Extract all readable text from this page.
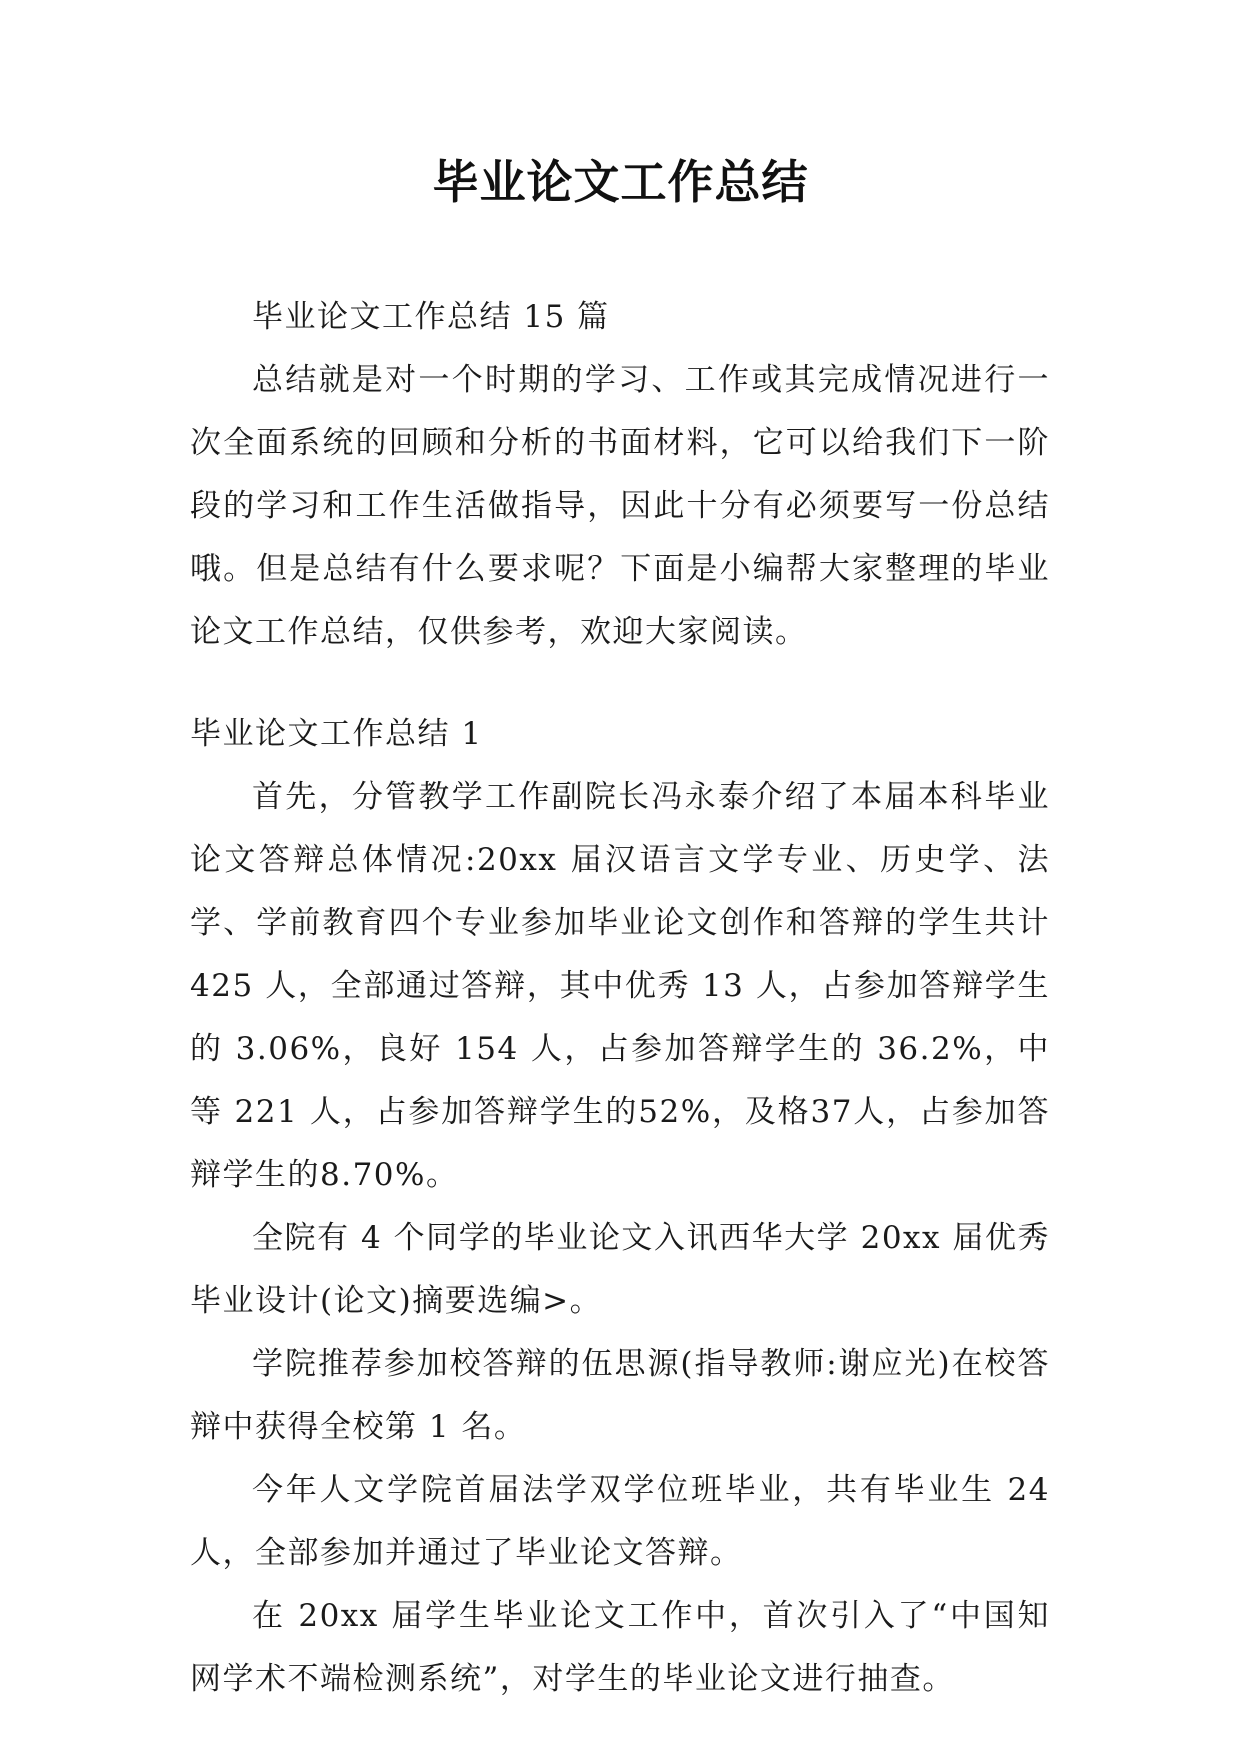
毕业论文工作总结

毕业论文工作总结 15 篇

总结就是对一个时期的学习、工作或其完成情况进行一次全面系统的回顾和分析的书面材料，它可以给我们下一阶段的学习和工作生活做指导，因此十分有必须要写一份总结哦。但是总结有什么要求呢？下面是小编帮大家整理的毕业论文工作总结，仅供参考，欢迎大家阅读。

毕业论文工作总结 1

首先，分管教学工作副院长冯永泰介绍了本届本科毕业论文答辩总体情况:20xx 届汉语言文学专业、历史学、法学、学前教育四个专业参加毕业论文创作和答辩的学生共计 425 人，全部通过答辩，其中优秀 13 人，占参加答辩学生的 3.06%，良好 154 人，占参加答辩学生的 36.2%，中等 221 人，占参加答辩学生的52%，及格37人，占参加答辩学生的8.70%。

全院有 4 个同学的毕业论文入讯西华大学 20xx 届优秀毕业设计(论文)摘要选编>。

学院推荐参加校答辩的伍思源(指导教师:谢应光)在校答辩中获得全校第 1 名。

今年人文学院首届法学双学位班毕业，共有毕业生 24 人，全部参加并通过了毕业论文答辩。

在 20xx 届学生毕业论文工作中，首次引入了“中国知网学术不端检测系统”，对学生的毕业论文进行抽查。
